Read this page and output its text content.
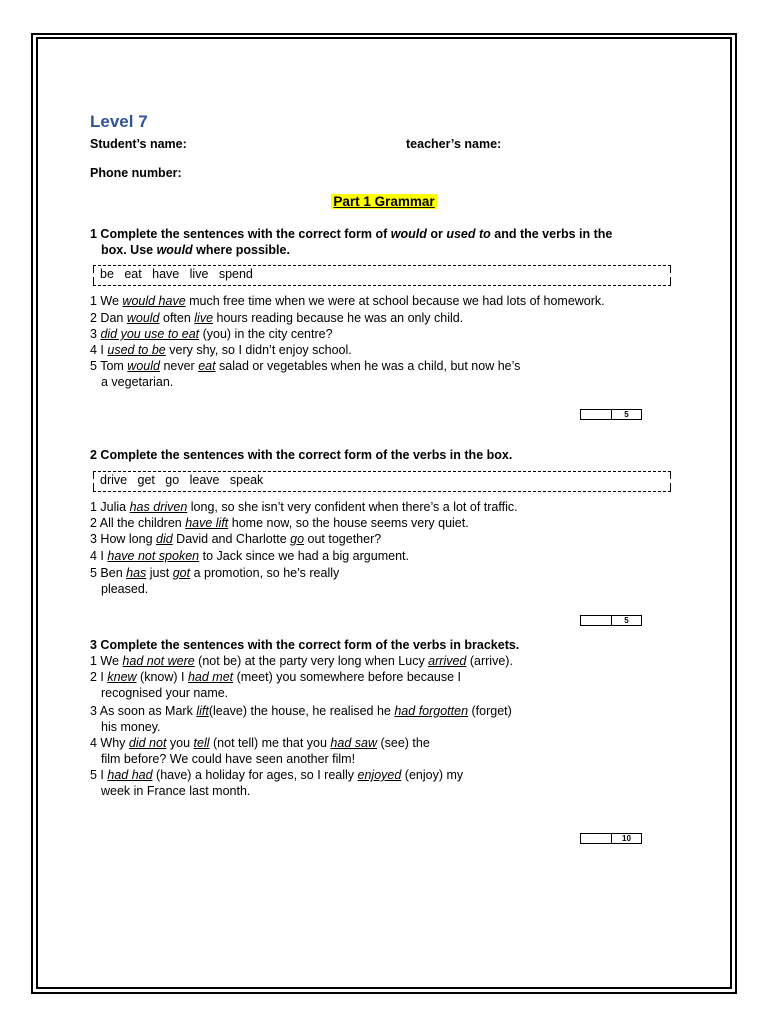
Level 7
Student’s name:	teacher’s name:
Phone number:
Part 1 Grammar
1 Complete the sentences with the correct form of would or used to and the verbs in the
box. Use would where possible.
be   eat   have   live   spend
1 We would have much free time when we were at school because we had lots of homework.
2 Dan would often live hours reading because he was an only child.
3 did you use to eat (you) in the city centre?
4 I used to be very shy, so I didn’t enjoy school.
5 Tom would never eat salad or vegetables when he was a child, but now he’s
a vegetarian.
5
2 Complete the sentences with the correct form of the verbs in the box.
drive   get   go   leave   speak
1 Julia has driven long, so she isn’t very confident when there’s a lot of traffic.
2 All the children have lift home now, so the house seems very quiet.
3 How long did David and Charlotte go out together?
4 I have not spoken to Jack since we had a big argument.
5 Ben has just got a promotion, so he’s really
pleased.
5
3 Complete the sentences with the correct form of the verbs in brackets.
1 We had not were (not be) at the party very long when Lucy arrived (arrive).
2 I knew (know) I had met (meet) you somewhere before because I
recognised your name.
3 As soon as Mark lift(leave) the house, he realised he had forgotten (forget)
his money.
4 Why did not you tell (not tell) me that you had saw (see) the
film before? We could have seen another film!
5 I had had (have) a holiday for ages, so I really enjoyed (enjoy) my
week in France last month.
10
